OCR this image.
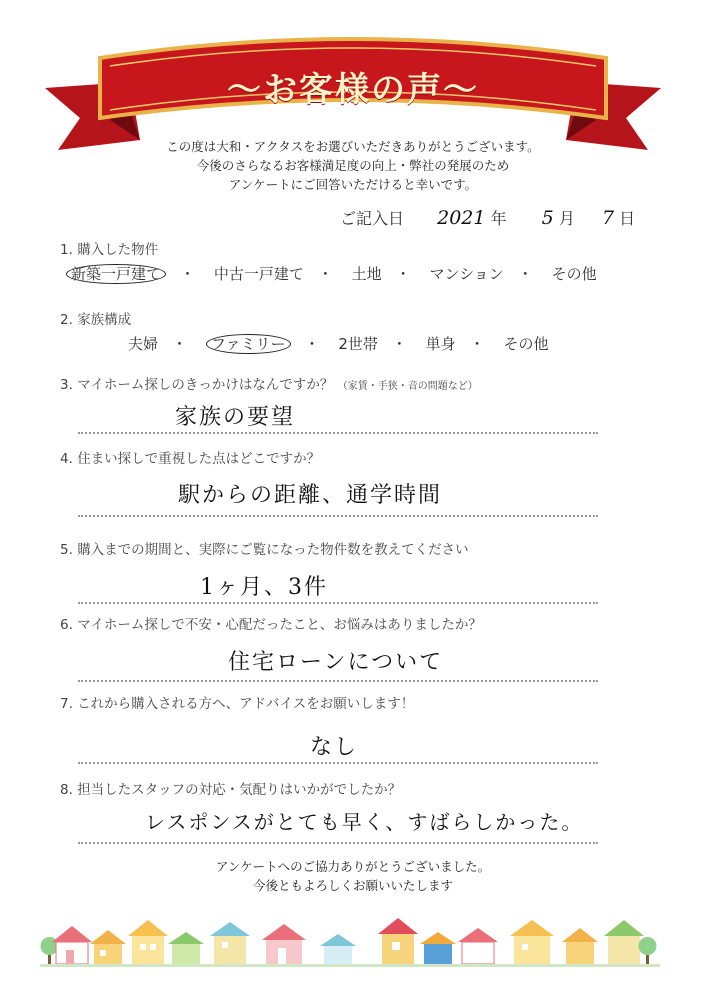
～お客様の声～
この度は大和・アクタスをお選びいただきありがとうございます。
今後のさらなるお客様満足度の向上・弊社の発展のため
アンケートにご回答いただけると幸いです。
ご記入日 2021 年 5 月 7 日
1. 購入した物件
新築一戸建て ・ 中古一戸建て ・ 土地 ・ マンション ・ その他
2. 家族構成
夫婦 ・ ファミリー ・ 2世帯 ・ 単身 ・ その他
3. マイホーム探しのきっかけはなんですか？ （家賃・手狭・音の問題など）
家族の要望
4. 住まい探しで重視した点はどこですか？
駅からの距離、通学時間
5. 購入までの期間と、実際にご覧になった物件数を教えてください
1ヶ月、3件
6. マイホーム探しで不安・心配だったこと、お悩みはありましたか？
住宅ローンについて
7. これから購入される方へ、アドバイスをお願いします！
なし
8. 担当したスタッフの対応・気配りはいかがでしたか？
レスポンスがとても早く、すばらしかった。
アンケートへのご協力ありがとうございました。
今後ともよろしくお願いいたします
